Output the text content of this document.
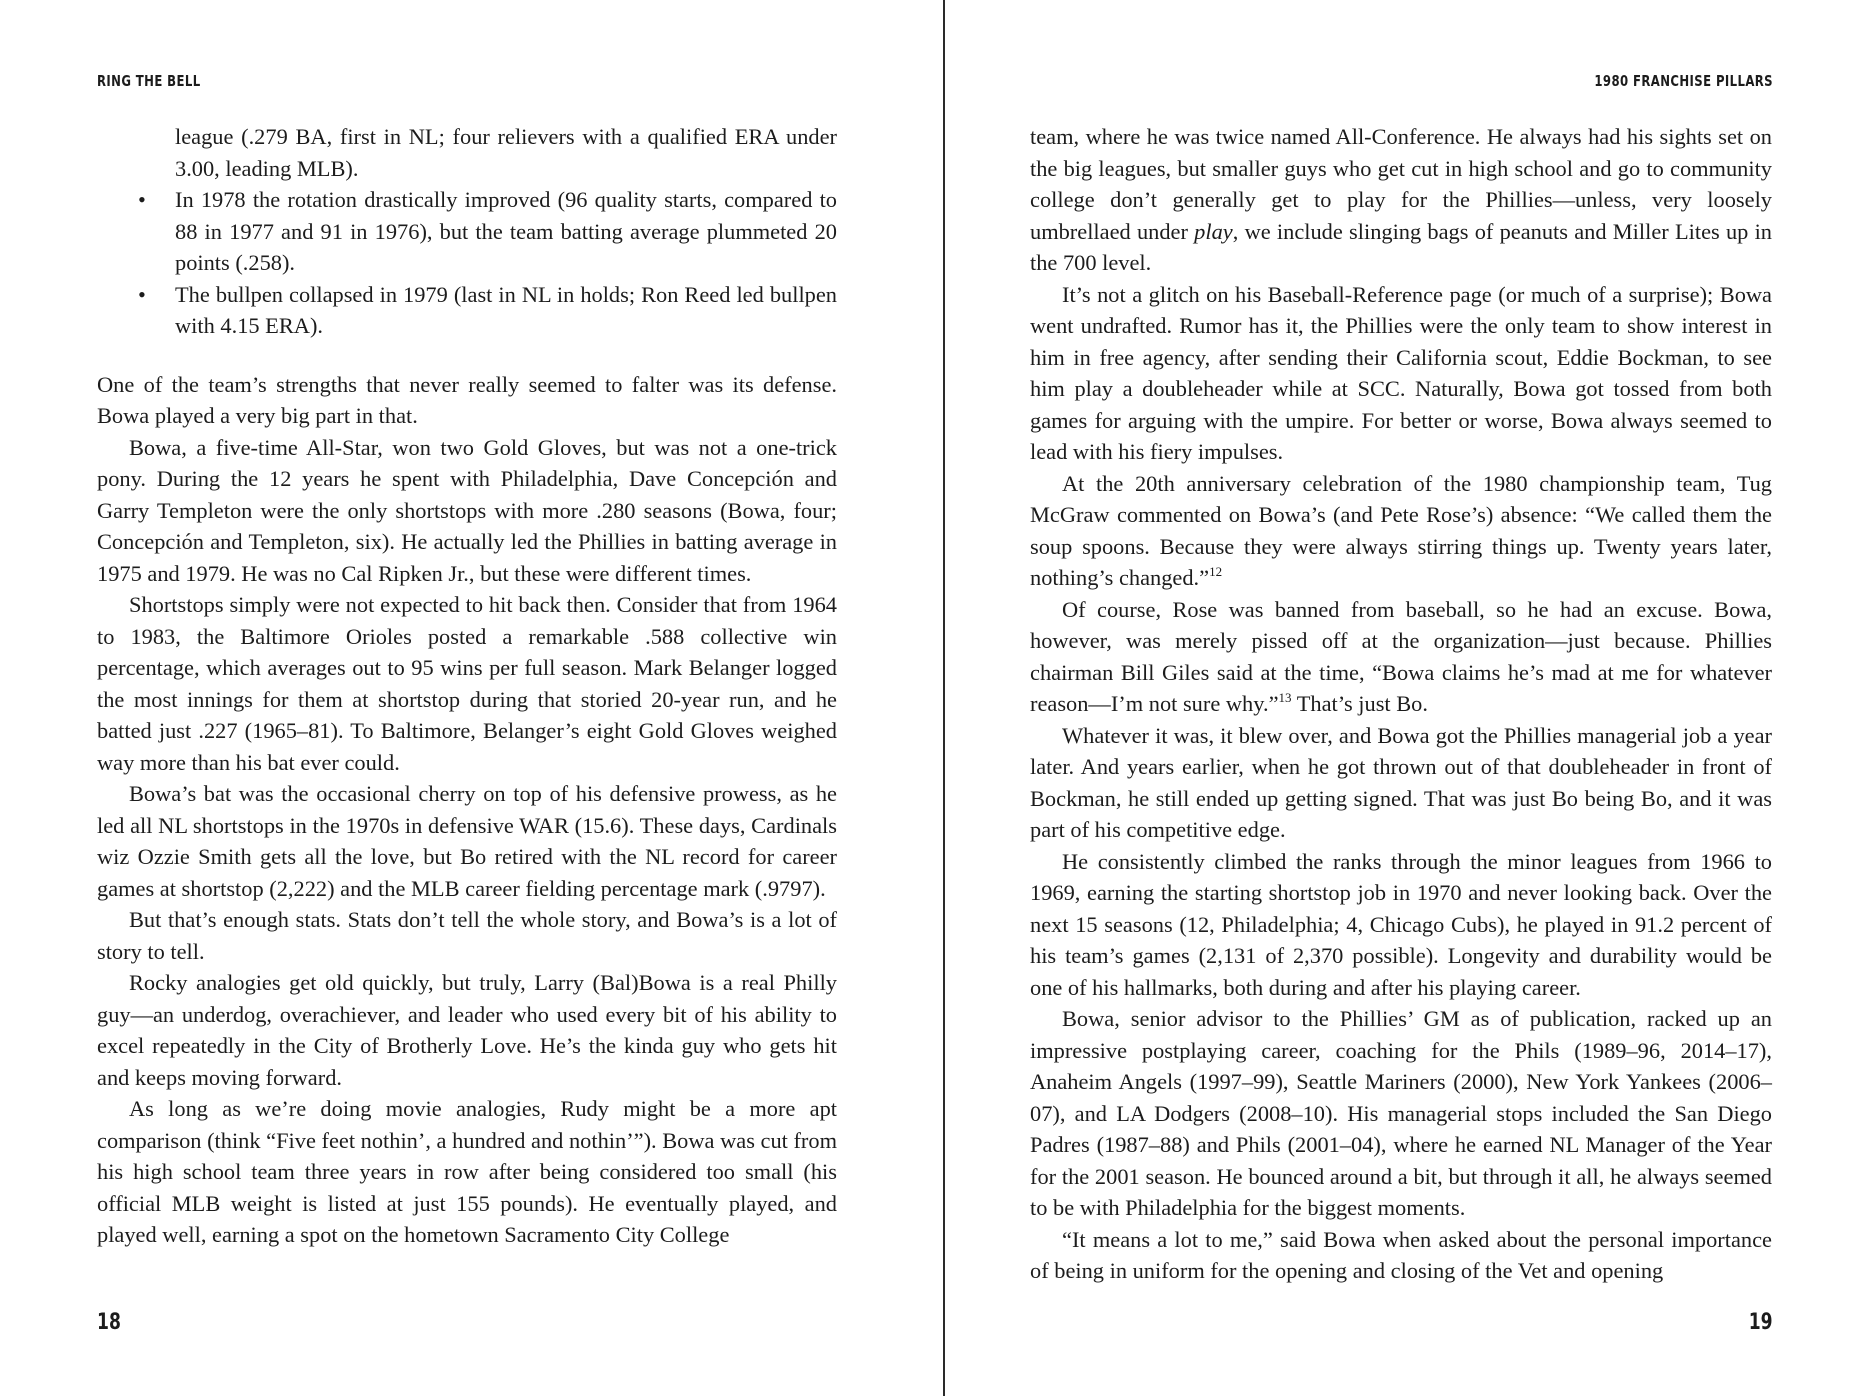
RING THE BELL
league (.279 BA, first in NL; four relievers with a qualified ERA under 3.00, leading MLB).
• In 1978 the rotation drastically improved (96 quality starts, compared to 88 in 1977 and 91 in 1976), but the team batting average plummeted 20 points (.258).
• The bullpen collapsed in 1979 (last in NL in holds; Ron Reed led bullpen with 4.15 ERA).

One of the team’s strengths that never really seemed to falter was its defense. Bowa played a very big part in that.

Bowa, a five-time All-Star, won two Gold Gloves, but was not a one-trick pony. During the 12 years he spent with Philadelphia, Dave Concepción and Garry Templeton were the only shortstops with more .280 seasons (Bowa, four; Concepción and Templeton, six). He actually led the Phillies in batting average in 1975 and 1979. He was no Cal Ripken Jr., but these were different times.

Shortstops simply were not expected to hit back then. Consider that from 1964 to 1983, the Baltimore Orioles posted a remarkable .588 collective win percentage, which averages out to 95 wins per full season. Mark Belanger logged the most innings for them at shortstop during that storied 20-year run, and he batted just .227 (1965–81). To Baltimore, Belanger’s eight Gold Gloves weighed way more than his bat ever could.

Bowa’s bat was the occasional cherry on top of his defensive prowess, as he led all NL shortstops in the 1970s in defensive WAR (15.6). These days, Cardinals wiz Ozzie Smith gets all the love, but Bo retired with the NL record for career games at shortstop (2,222) and the MLB career fielding percentage mark (.9797).

But that’s enough stats. Stats don’t tell the whole story, and Bowa’s is a lot of story to tell.

Rocky analogies get old quickly, but truly, Larry (Bal)Bowa is a real Philly guy—an underdog, overachiever, and leader who used every bit of his ability to excel repeatedly in the City of Brotherly Love. He’s the kinda guy who gets hit and keeps moving forward.

As long as we’re doing movie analogies, Rudy might be a more apt comparison (think “Five feet nothin’, a hundred and nothin’”). Bowa was cut from his high school team three years in row after being considered too small (his official MLB weight is listed at just 155 pounds). He eventually played, and played well, earning a spot on the hometown Sacramento City College

18
1980 FRANCHISE PILLARS

team, where he was twice named All-Conference. He always had his sights set on the big leagues, but smaller guys who get cut in high school and go to community college don’t generally get to play for the Phillies—unless, very loosely umbrellaed under play, we include slinging bags of peanuts and Miller Lites up in the 700 level.

It’s not a glitch on his Baseball-Reference page (or much of a surprise); Bowa went undrafted. Rumor has it, the Phillies were the only team to show interest in him in free agency, after sending their California scout, Eddie Bockman, to see him play a doubleheader while at SCC. Naturally, Bowa got tossed from both games for arguing with the umpire. For better or worse, Bowa always seemed to lead with his fiery impulses.

At the 20th anniversary celebration of the 1980 championship team, Tug McGraw commented on Bowa’s (and Pete Rose’s) absence: “We called them the soup spoons. Because they were always stirring things up. Twenty years later, nothing’s changed.”$^{12}$

Of course, Rose was banned from baseball, so he had an excuse. Bowa, however, was merely pissed off at the organization—just because. Phillies chairman Bill Giles said at the time, “Bowa claims he’s mad at me for whatever reason—I’m not sure why.”$^{13}$ That’s just Bo.

Whatever it was, it blew over, and Bowa got the Phillies managerial job a year later. And years earlier, when he got thrown out of that doubleheader in front of Bockman, he still ended up getting signed. That was just Bo being Bo, and it was part of his competitive edge.

He consistently climbed the ranks through the minor leagues from 1966 to 1969, earning the starting shortstop job in 1970 and never looking back. Over the next 15 seasons (12, Philadelphia; 4, Chicago Cubs), he played in 91.2 percent of his team’s games (2,131 of 2,370 possible). Longevity and durability would be one of his hallmarks, both during and after his playing career.

Bowa, senior advisor to the Phillies’ GM as of publication, racked up an impressive postplaying career, coaching for the Phils (1989–96, 2014–17), Anaheim Angels (1997–99), Seattle Mariners (2000), New York Yankees (2006–07), and LA Dodgers (2008–10). His managerial stops included the San Diego Padres (1987–88) and Phils (2001–04), where he earned NL Manager of the Year for the 2001 season. He bounced around a bit, but through it all, he always seemed to be with Philadelphia for the biggest moments.

“It means a lot to me,” said Bowa when asked about the personal importance of being in uniform for the opening and closing of the Vet and opening

19
